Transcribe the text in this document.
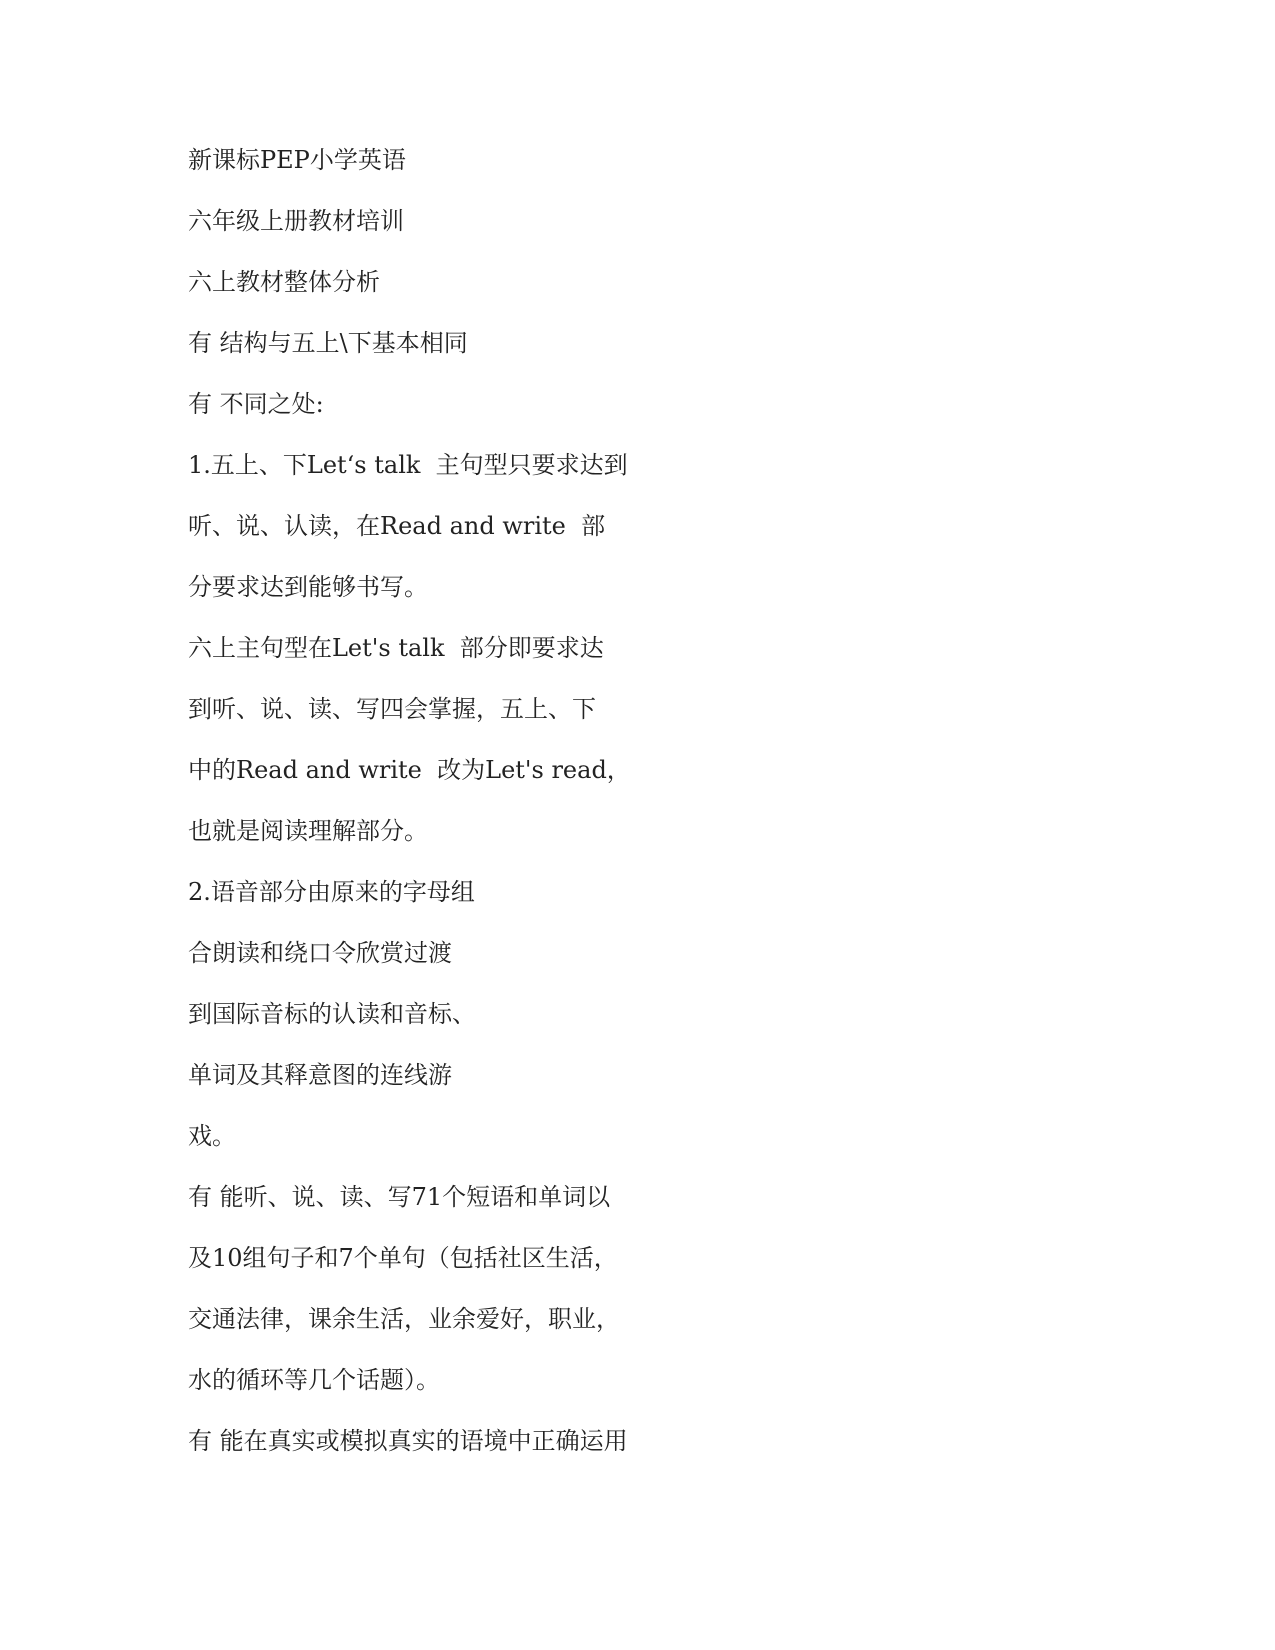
新课标PEP小学英语
六年级上册教材培训
六上教材整体分析
有 结构与五上\下基本相同
有 不同之处:
1.五上、下Let‘s talk  主句型只要求达到
听、说、认读，在Read and write  部
分要求达到能够书写。
六上主句型在Let's talk  部分即要求达
到听、说、读、写四会掌握，五上、下
中的Read and write  改为Let's read，
也就是阅读理解部分。
2.语音部分由原来的字母组
合朗读和绕口令欣赏过渡
到国际音标的认读和音标、
单词及其释意图的连线游
戏。
有 能听、说、读、写71个短语和单词以
及10组句子和7个单句（包括社区生活，
交通法律，课余生活，业余爱好，职业，
水的循环等几个话题）。
有 能在真实或模拟真实的语境中正确运用
